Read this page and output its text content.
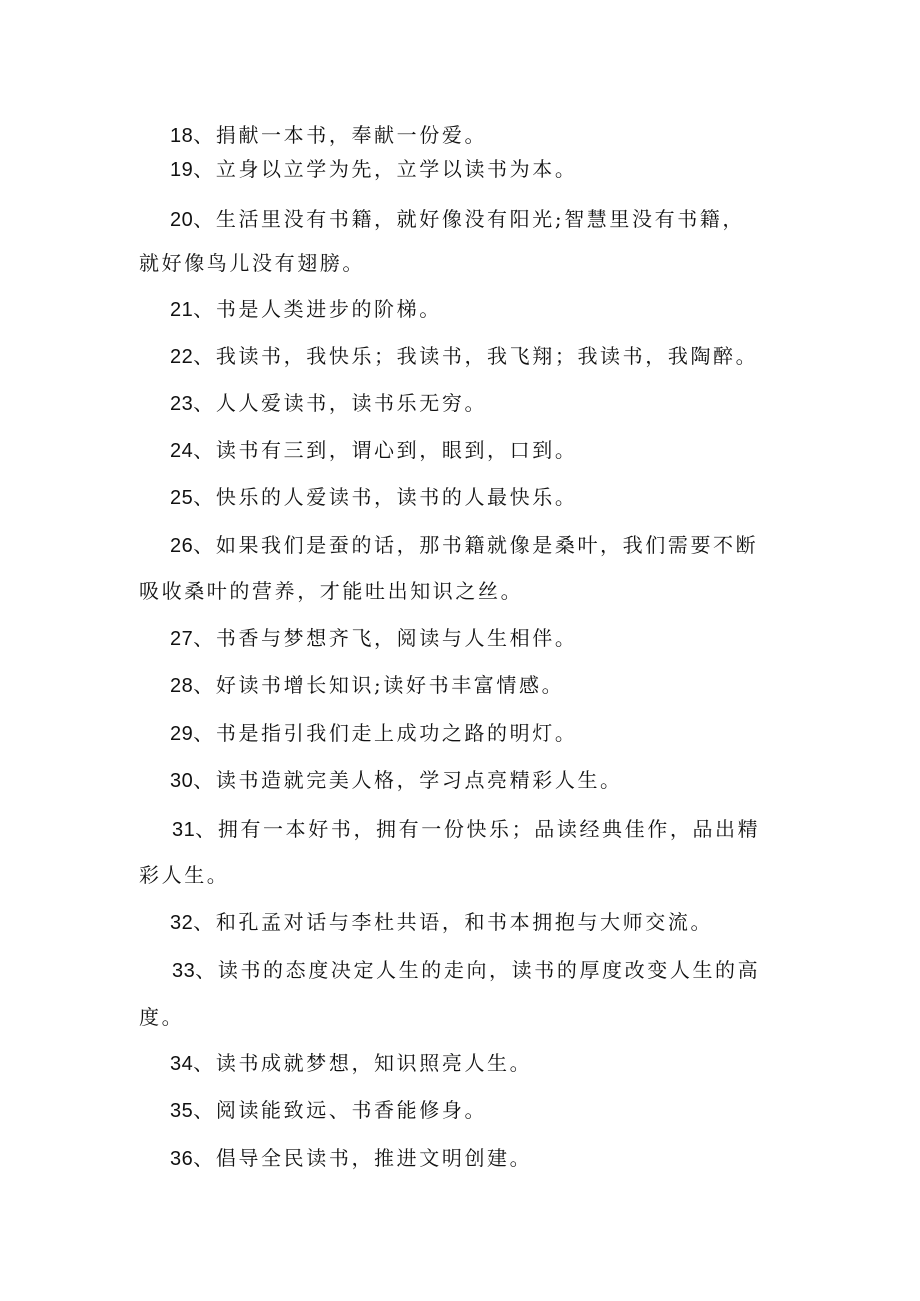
18、捐献一本书，奉献一份爱。
19、立身以立学为先，立学以读书为本。
20、生活里没有书籍，就好像没有阳光;智慧里没有书籍，
就好像鸟儿没有翅膀。
21、书是人类进步的阶梯。
22、我读书，我快乐；我读书，我飞翔；我读书，我陶醉。
23、人人爱读书，读书乐无穷。
24、读书有三到，谓心到，眼到，口到。
25、快乐的人爱读书，读书的人最快乐。
26、如果我们是蚕的话，那书籍就像是桑叶，我们需要不断
吸收桑叶的营养，才能吐出知识之丝。
27、书香与梦想齐飞，阅读与人生相伴。
28、好读书增长知识;读好书丰富情感。
29、书是指引我们走上成功之路的明灯。
30、读书造就完美人格，学习点亮精彩人生。
31、拥有一本好书，拥有一份快乐；品读经典佳作，品出精
彩人生。
32、和孔孟对话与李杜共语，和书本拥抱与大师交流。
33、读书的态度决定人生的走向，读书的厚度改变人生的高
度。
34、读书成就梦想，知识照亮人生。
35、阅读能致远、书香能修身。
36、倡导全民读书，推进文明创建。
